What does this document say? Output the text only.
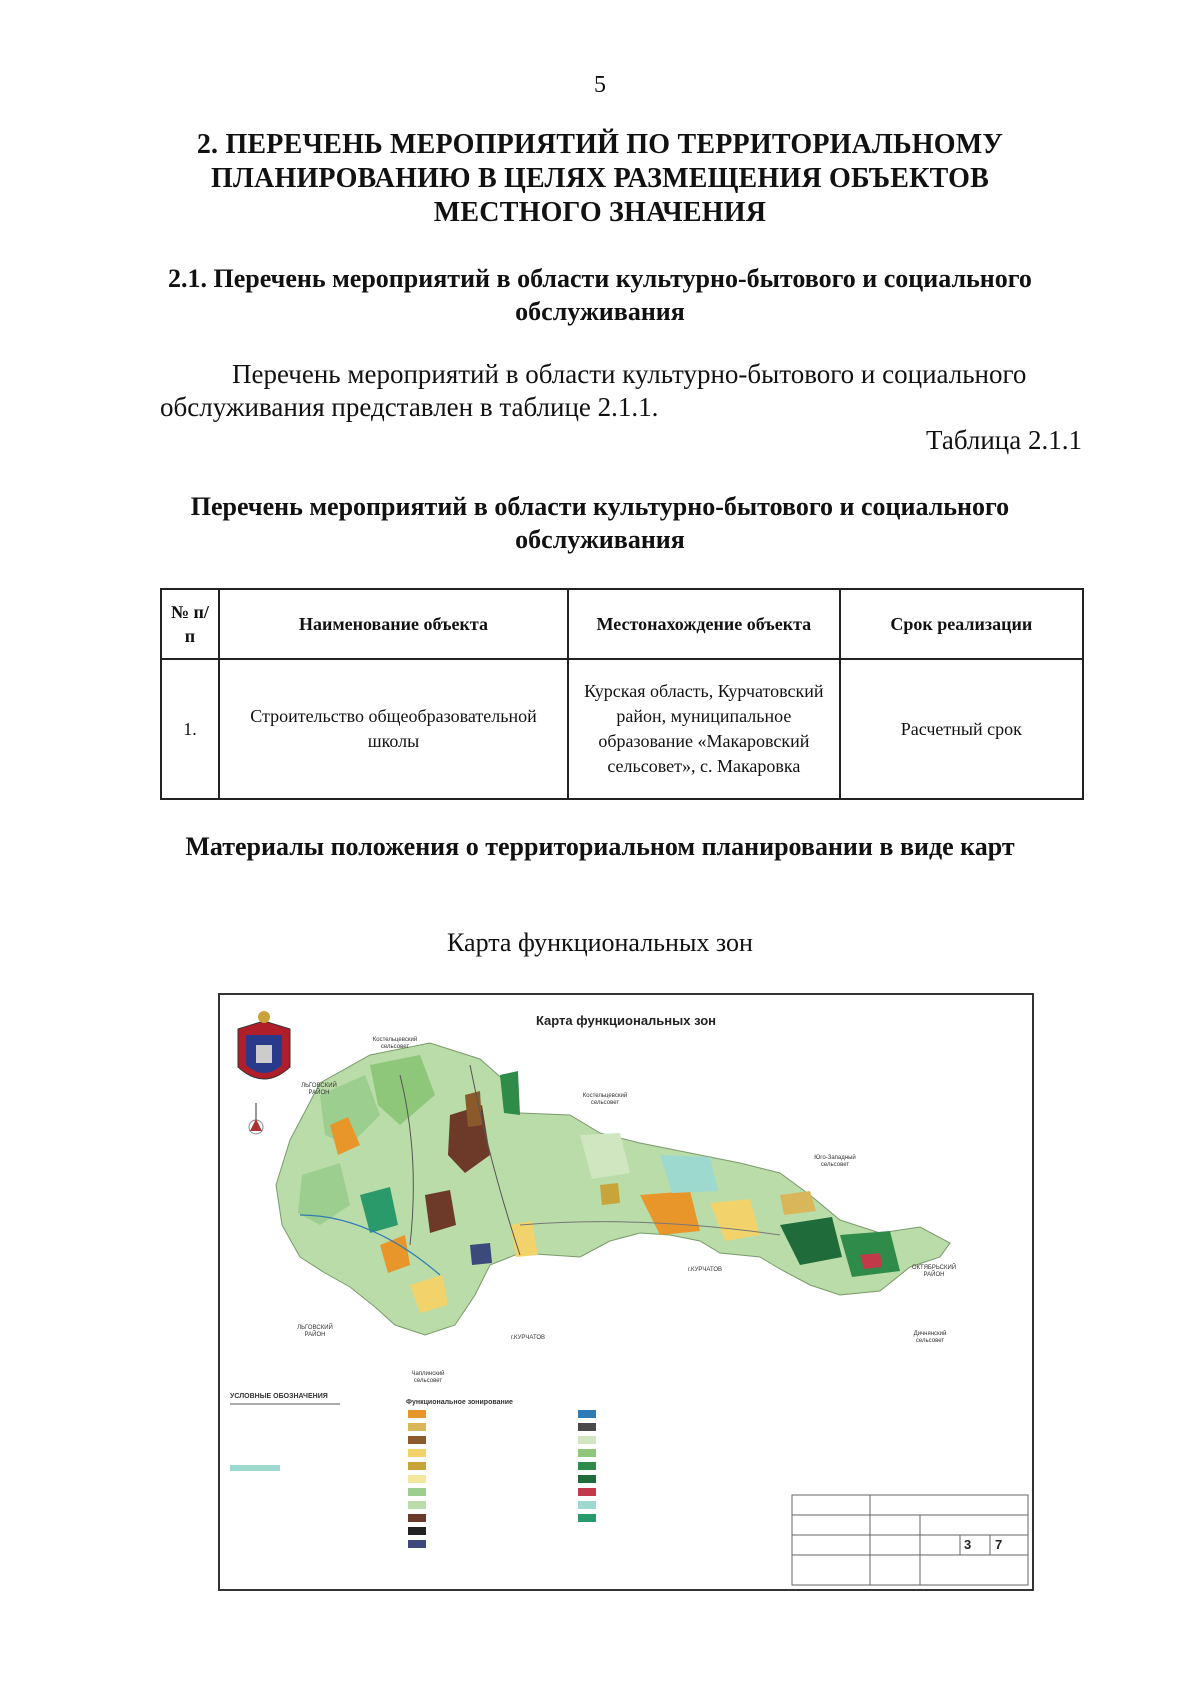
5
2. ПЕРЕЧЕНЬ МЕРОПРИЯТИЙ ПО ТЕРРИТОРИАЛЬНОМУ ПЛАНИРОВАНИЮ В ЦЕЛЯХ РАЗМЕЩЕНИЯ ОБЪЕКТОВ МЕСТНОГО ЗНАЧЕНИЯ
2.1. Перечень мероприятий в области культурно-бытового и социального обслуживания
Перечень мероприятий в области культурно-бытового и социального обслуживания представлен в таблице 2.1.1.
Таблица 2.1.1
Перечень мероприятий в области культурно-бытового и социального обслуживания
№ п/п	Наименование объекта	Местонахождение объекта	Срок реализации
1.	Строительство общеобразовательной школы	Курская область, Курчатовский район, муниципальное образование «Макаровский сельсовет», с. Макаровка	Расчетный срок
Материалы положения о территориальном планировании в виде карт
Карта функциональных зон
Карта функциональных зон
Костельцевский сельсовет
Костельцевский сельсовет
ЛЬГОВСКИЙ РАЙОН
ЛЬГОВСКИЙ РАЙОН
Юго-Западный сельсовет
ОКТЯБРЬСКИЙ РАЙОН
Дичнянский сельсовет
Чаплинский сельсовет
г.КУРЧАТОВ
г.КУРЧАТОВ
УСЛОВНЫЕ ОБОЗНАЧЕНИЯ
Функциональное зонирование
3 7
